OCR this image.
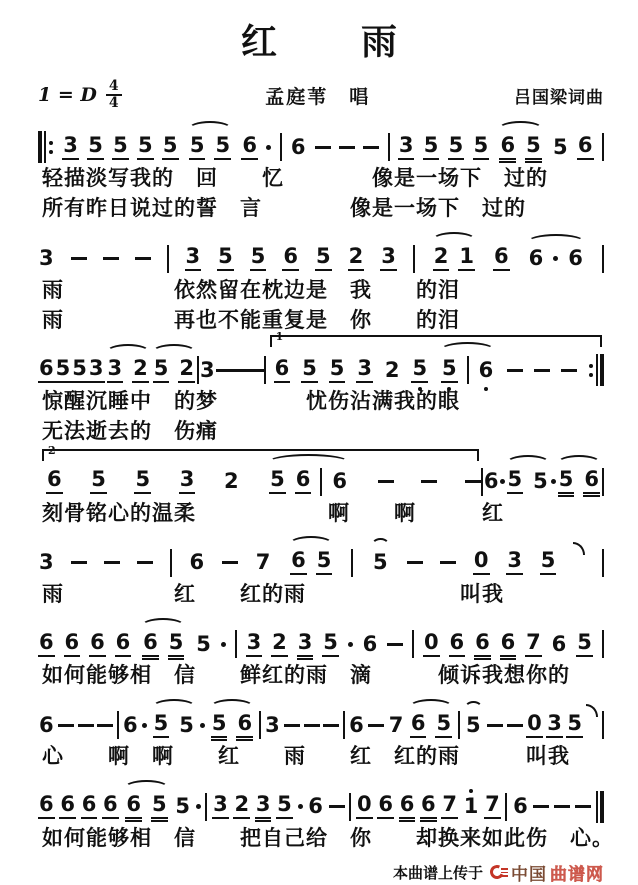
红　　雨
1 = D $\frac{4}{4}$	孟庭苇　唱	吕国梁词曲
3 5 5 5 5 5 5 6 6	3 5 5 5 6 5 5 6
轻描淡写我的　回　　忆　　　　像是一场下　过的
所有昨日说过的誓　言　　　　像是一场下　过的
3	3 5 5 6 5 2 3 2 1 6 6 6
雨　　　　　依然留在枕边是　我　　的泪
雨　　　　　再也不能重复是　你　　的泪
6 5 5 3 3 2 5 2 3
1
6 5 5 3 2 5 5 6
惊醒沉睡中　的梦　　　　忧伤沾满我的眼
无法逝去的　伤痛
2
6 5 5 3 2 5 6 6	6 5 5 5 6
刻骨铭心的温柔　　　　　　啊　　啊　　　红
3	6 7 6 5 5	0 3 5
雨　　　　　红　　红的雨　　　　　　　叫我
6 6 6 6 6 5 5 3 2 3 5 6 0 6 6 6 7 6 5
如何能够相　信　　鲜红的雨　滴　　　倾诉我想你的
6	6 5 5 5 6 3	6 7 6 5 5 0 3 5
心　　啊　啊　　红　　雨　　红　红的雨　　　叫我
6 6 6 6 6 5 5 3 2 3 5 6 0 6 6 6 7 1 7 6
如何能够相　信　　把自己给　你　　却换来如此伤　心。
本曲谱上传于 中国 曲谱网
